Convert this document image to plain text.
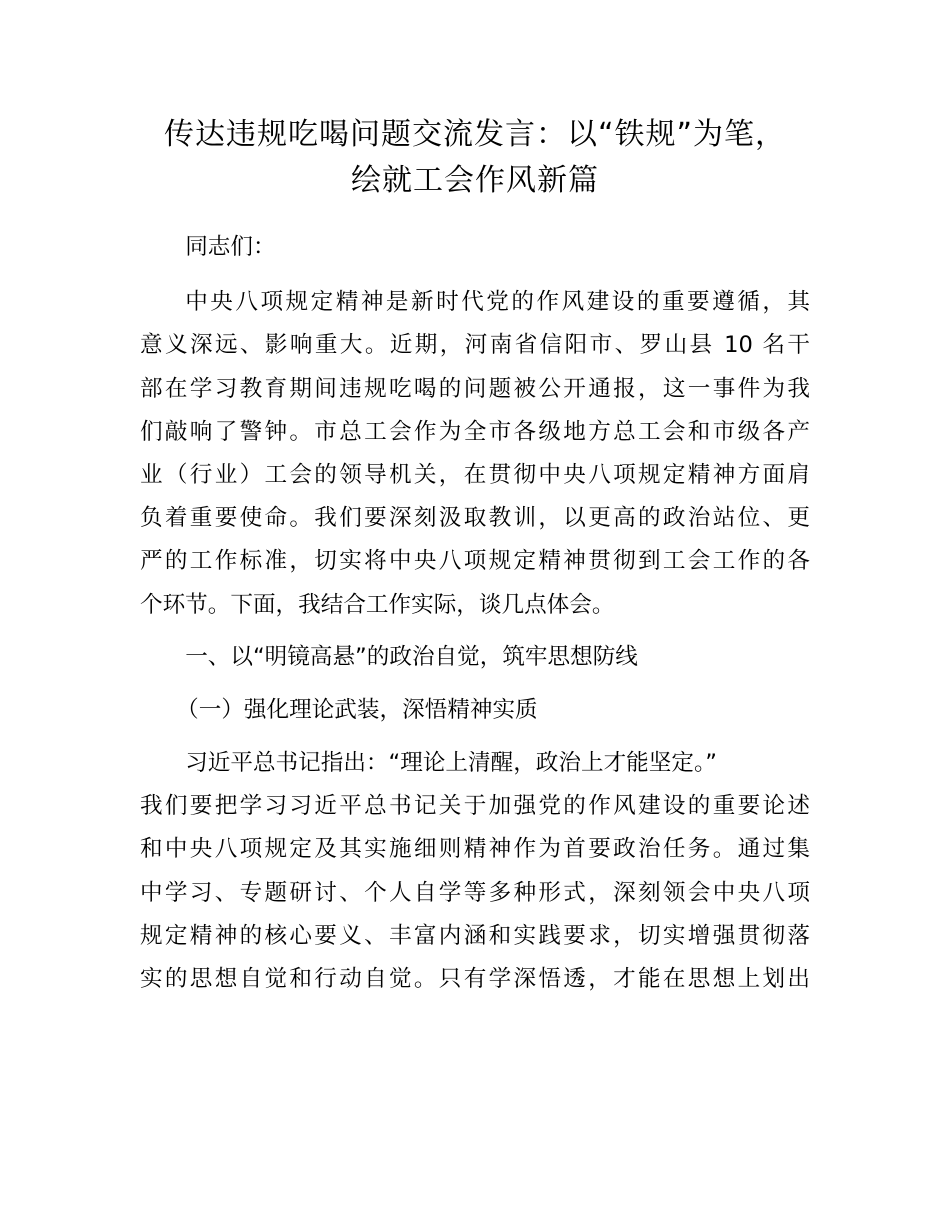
传达违规吃喝问题交流发言：以“铁规”为笔，
绘就工会作风新篇

同志们：

中央八项规定精神是新时代党的作风建设的重要遵循，其
意义深远、影响重大。近期，河南省信阳市、罗山县 10 名干
部在学习教育期间违规吃喝的问题被公开通报，这一事件为我
们敲响了警钟。市总工会作为全市各级地方总工会和市级各产
业（行业）工会的领导机关，在贯彻中央八项规定精神方面肩
负着重要使命。我们要深刻汲取教训，以更高的政治站位、更
严的工作标准，切实将中央八项规定精神贯彻到工会工作的各
个环节。下面，我结合工作实际，谈几点体会。

一、以“明镜高悬”的政治自觉，筑牢思想防线

（一）强化理论武装，深悟精神实质

习近平总书记指出：“理论上清醒，政治上才能坚定。”
我们要把学习习近平总书记关于加强党的作风建设的重要论述
和中央八项规定及其实施细则精神作为首要政治任务。通过集
中学习、专题研讨、个人自学等多种形式，深刻领会中央八项
规定精神的核心要义、丰富内涵和实践要求，切实增强贯彻落
实的思想自觉和行动自觉。只有学深悟透，才能在思想上划出
